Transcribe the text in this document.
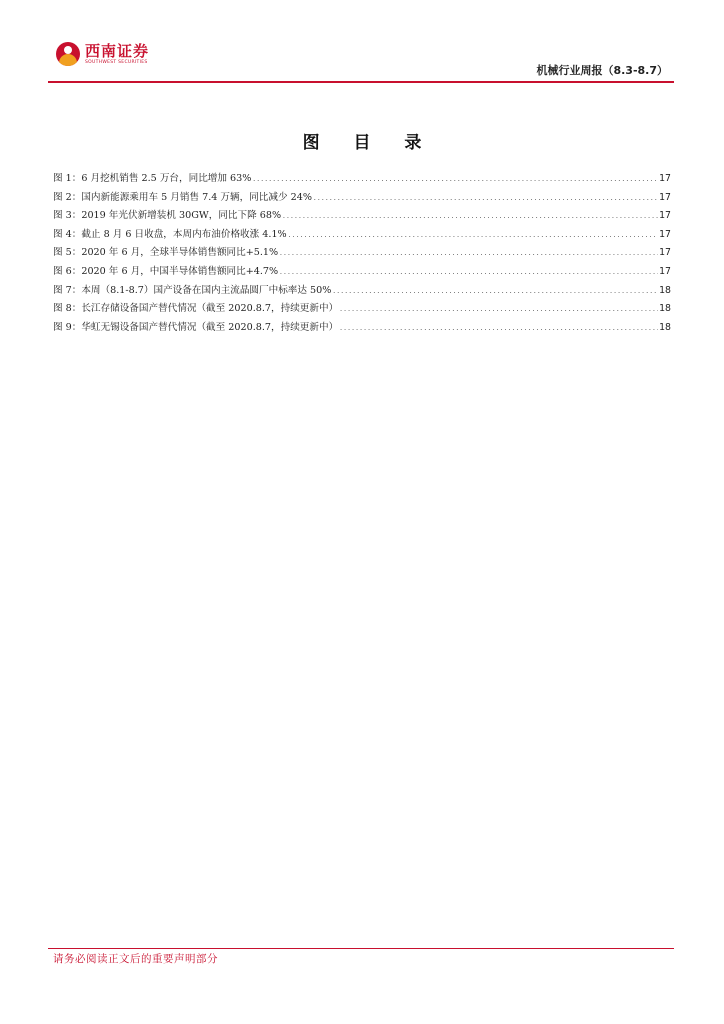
西南证券
SOUTHWEST SECURITIES
机械行业周报（8.3-8.7）
图 目 录
图 1：6 月挖机销售 2.5 万台，同比增加 63% .....	17
图 2：国内新能源乘用车 5 月销售 7.4 万辆，同比减少 24% .....	17
图 3：2019 年光伏新增装机 30GW，同比下降 68% .....	17
图 4：截止 8 月 6 日收盘，本周内布油价格收涨 4.1% .....	17
图 5：2020 年 6 月，全球半导体销售额同比+5.1% .....	17
图 6：2020 年 6 月，中国半导体销售额同比+4.7% .....	17
图 7：本周（8.1-8.7）国产设备在国内主流晶圆厂中标率达 50% .....	18
图 8：长江存储设备国产替代情况（截至 2020.8.7，持续更新中） .....	18
图 9：华虹无锡设备国产替代情况（截至 2020.8.7，持续更新中） .....	18
请务必阅读正文后的重要声明部分
